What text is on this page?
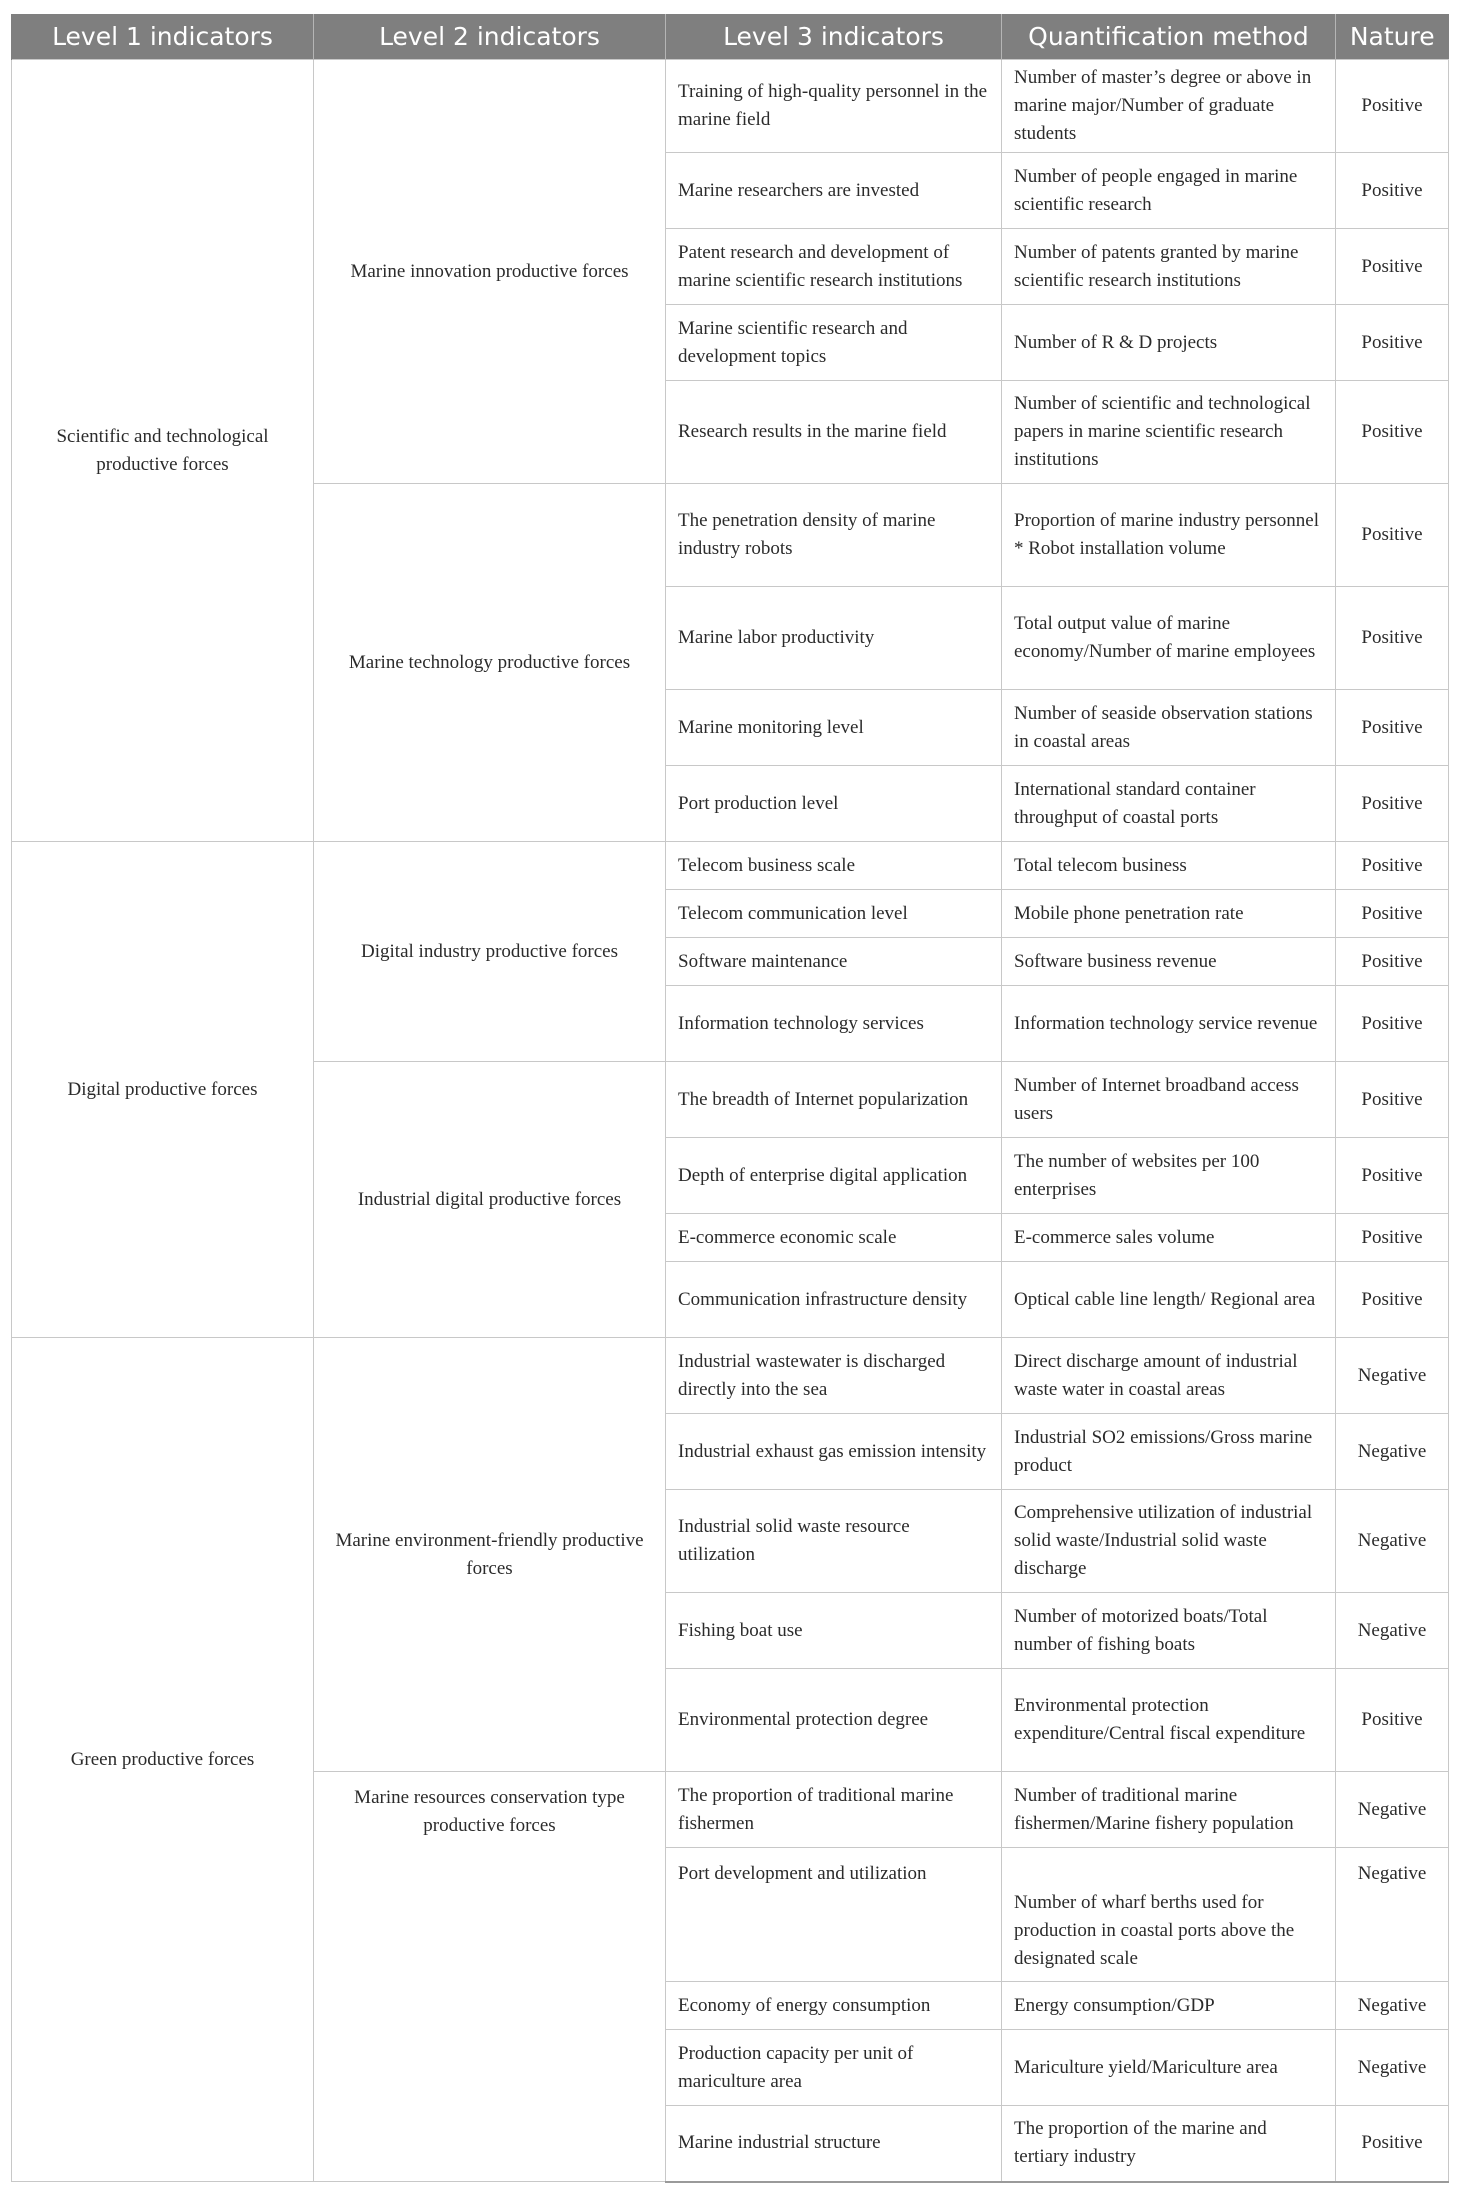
Level 1 indicators	Level 2 indicators	Level 3 indicators	Quantification method	Nature
Scientific and technological productive forces	Marine innovation productive forces	Training of high-quality personnel in the marine field	Number of master’s degree or above in marine major/Number of graduate students	Positive
		Marine researchers are invested	Number of people engaged in marine scientific research	Positive
		Patent research and development of marine scientific research institutions	Number of patents granted by marine scientific research institutions	Positive
		Marine scientific research and development topics	Number of R & D projects	Positive
		Research results in the marine field	Number of scientific and technological papers in marine scientific research institutions	Positive
	Marine technology productive forces	The penetration density of marine industry robots	Proportion of marine industry personnel * Robot installation volume	Positive
		Marine labor productivity	Total output value of marine economy/Number of marine employees	Positive
		Marine monitoring level	Number of seaside observation stations in coastal areas	Positive
		Port production level	International standard container throughput of coastal ports	Positive
Digital productive forces	Digital industry productive forces	Telecom business scale	Total telecom business	Positive
		Telecom communication level	Mobile phone penetration rate	Positive
		Software maintenance	Software business revenue	Positive
		Information technology services	Information technology service revenue	Positive
	Industrial digital productive forces	The breadth of Internet popularization	Number of Internet broadband access users	Positive
		Depth of enterprise digital application	The number of websites per 100 enterprises	Positive
		E-commerce economic scale	E-commerce sales volume	Positive
		Communication infrastructure density	Optical cable line length/ Regional area	Positive
Green productive forces	Marine environment-friendly productive forces	Industrial wastewater is discharged directly into the sea	Direct discharge amount of industrial waste water in coastal areas	Negative
		Industrial exhaust gas emission intensity	Industrial SO2 emissions/Gross marine product	Negative
		Industrial solid waste resource utilization	Comprehensive utilization of industrial solid waste/Industrial solid waste discharge	Negative
		Fishing boat use	Number of motorized boats/Total number of fishing boats	Negative
		Environmental protection degree	Environmental protection expenditure/Central fiscal expenditure	Positive
	Marine resources conservation type productive forces	The proportion of traditional marine fishermen	Number of traditional marine fishermen/Marine fishery population	Negative
		Port development and utilization	Number of wharf berths used for production in coastal ports above the designated scale	Negative
		Economy of energy consumption	Energy consumption/GDP	Negative
		Production capacity per unit of mariculture area	Mariculture yield/Mariculture area	Negative
		Marine industrial structure	The proportion of the marine and tertiary industry	Positive
